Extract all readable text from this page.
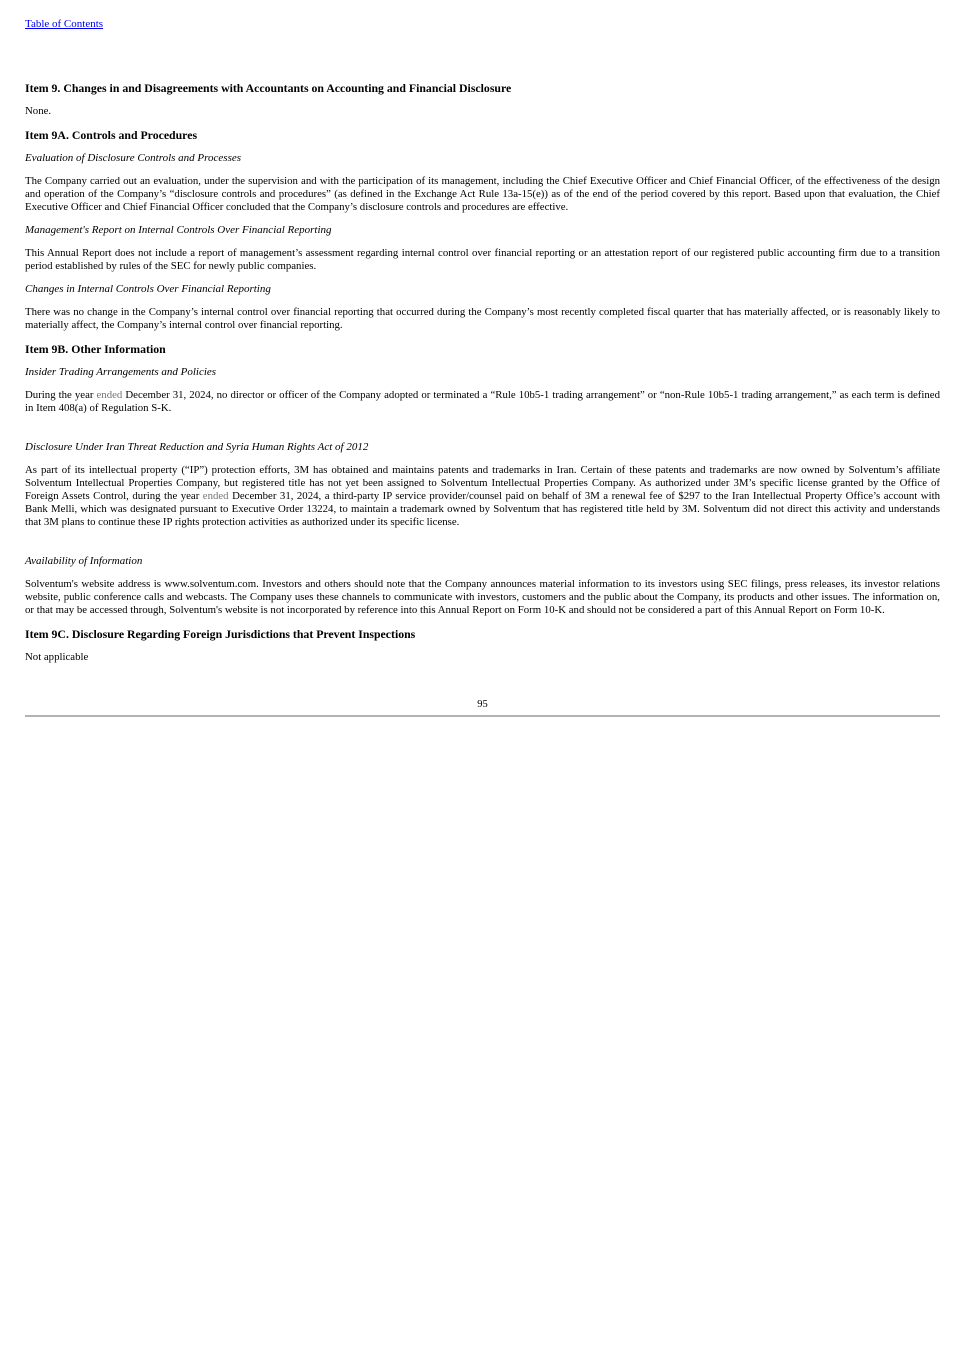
Table of Contents
Item 9. Changes in and Disagreements with Accountants on Accounting and Financial Disclosure

None.

Item 9A. Controls and Procedures
Evaluation of Disclosure Controls and Processes

The Company carried out an evaluation, under the supervision and with the participation of its management, including the Chief Executive Officer and Chief Financial Officer, of the effectiveness of the design and operation of the Company’s “disclosure controls and procedures” (as defined in the Exchange Act Rule 13a-15(e)) as of the end of the period covered by this report. Based upon that evaluation, the Chief Executive Officer and Chief Financial Officer concluded that the Company’s disclosure controls and procedures are effective.

Management's Report on Internal Controls Over Financial Reporting

This Annual Report does not include a report of management’s assessment regarding internal control over financial reporting or an attestation report of our registered public accounting firm due to a transition period established by rules of the SEC for newly public companies.

Changes in Internal Controls Over Financial Reporting

There was no change in the Company’s internal control over financial reporting that occurred during the Company’s most recently completed fiscal quarter that has materially affected, or is reasonably likely to materially affect, the Company’s internal control over financial reporting.

Item 9B. Other Information
Insider Trading Arrangements and Policies

During the year ended December 31, 2024, no director or officer of the Company adopted or terminated a “Rule 10b5-1 trading arrangement” or “non-Rule 10b5-1 trading arrangement,” as each term is defined in Item 408(a) of Regulation S-K.

Disclosure Under Iran Threat Reduction and Syria Human Rights Act of 2012

As part of its intellectual property (“IP”) protection efforts, 3M has obtained and maintains patents and trademarks in Iran. Certain of these patents and trademarks are now owned by Solventum’s affiliate Solventum Intellectual Properties Company, but registered title has not yet been assigned to Solventum Intellectual Properties Company. As authorized under 3M’s specific license granted by the Office of Foreign Assets Control, during the year ended December 31, 2024, a third-party IP service provider/counsel paid on behalf of 3M a renewal fee of $297 to the Iran Intellectual Property Office’s account with Bank Melli, which was designated pursuant to Executive Order 13224, to maintain a trademark owned by Solventum that has registered title held by 3M. Solventum did not direct this activity and understands that 3M plans to continue these IP rights protection activities as authorized under its specific license.

Availability of Information

Solventum's website address is www.solventum.com. Investors and others should note that the Company announces material information to its investors using SEC filings, press releases, its investor relations website, public conference calls and webcasts. The Company uses these channels to communicate with investors, customers and the public about the Company, its products and other issues. The information on, or that may be accessed through, Solventum's website is not incorporated by reference into this Annual Report on Form 10-K and should not be considered a part of this Annual Report on Form 10-K.

Item 9C. Disclosure Regarding Foreign Jurisdictions that Prevent Inspections

Not applicable

95
